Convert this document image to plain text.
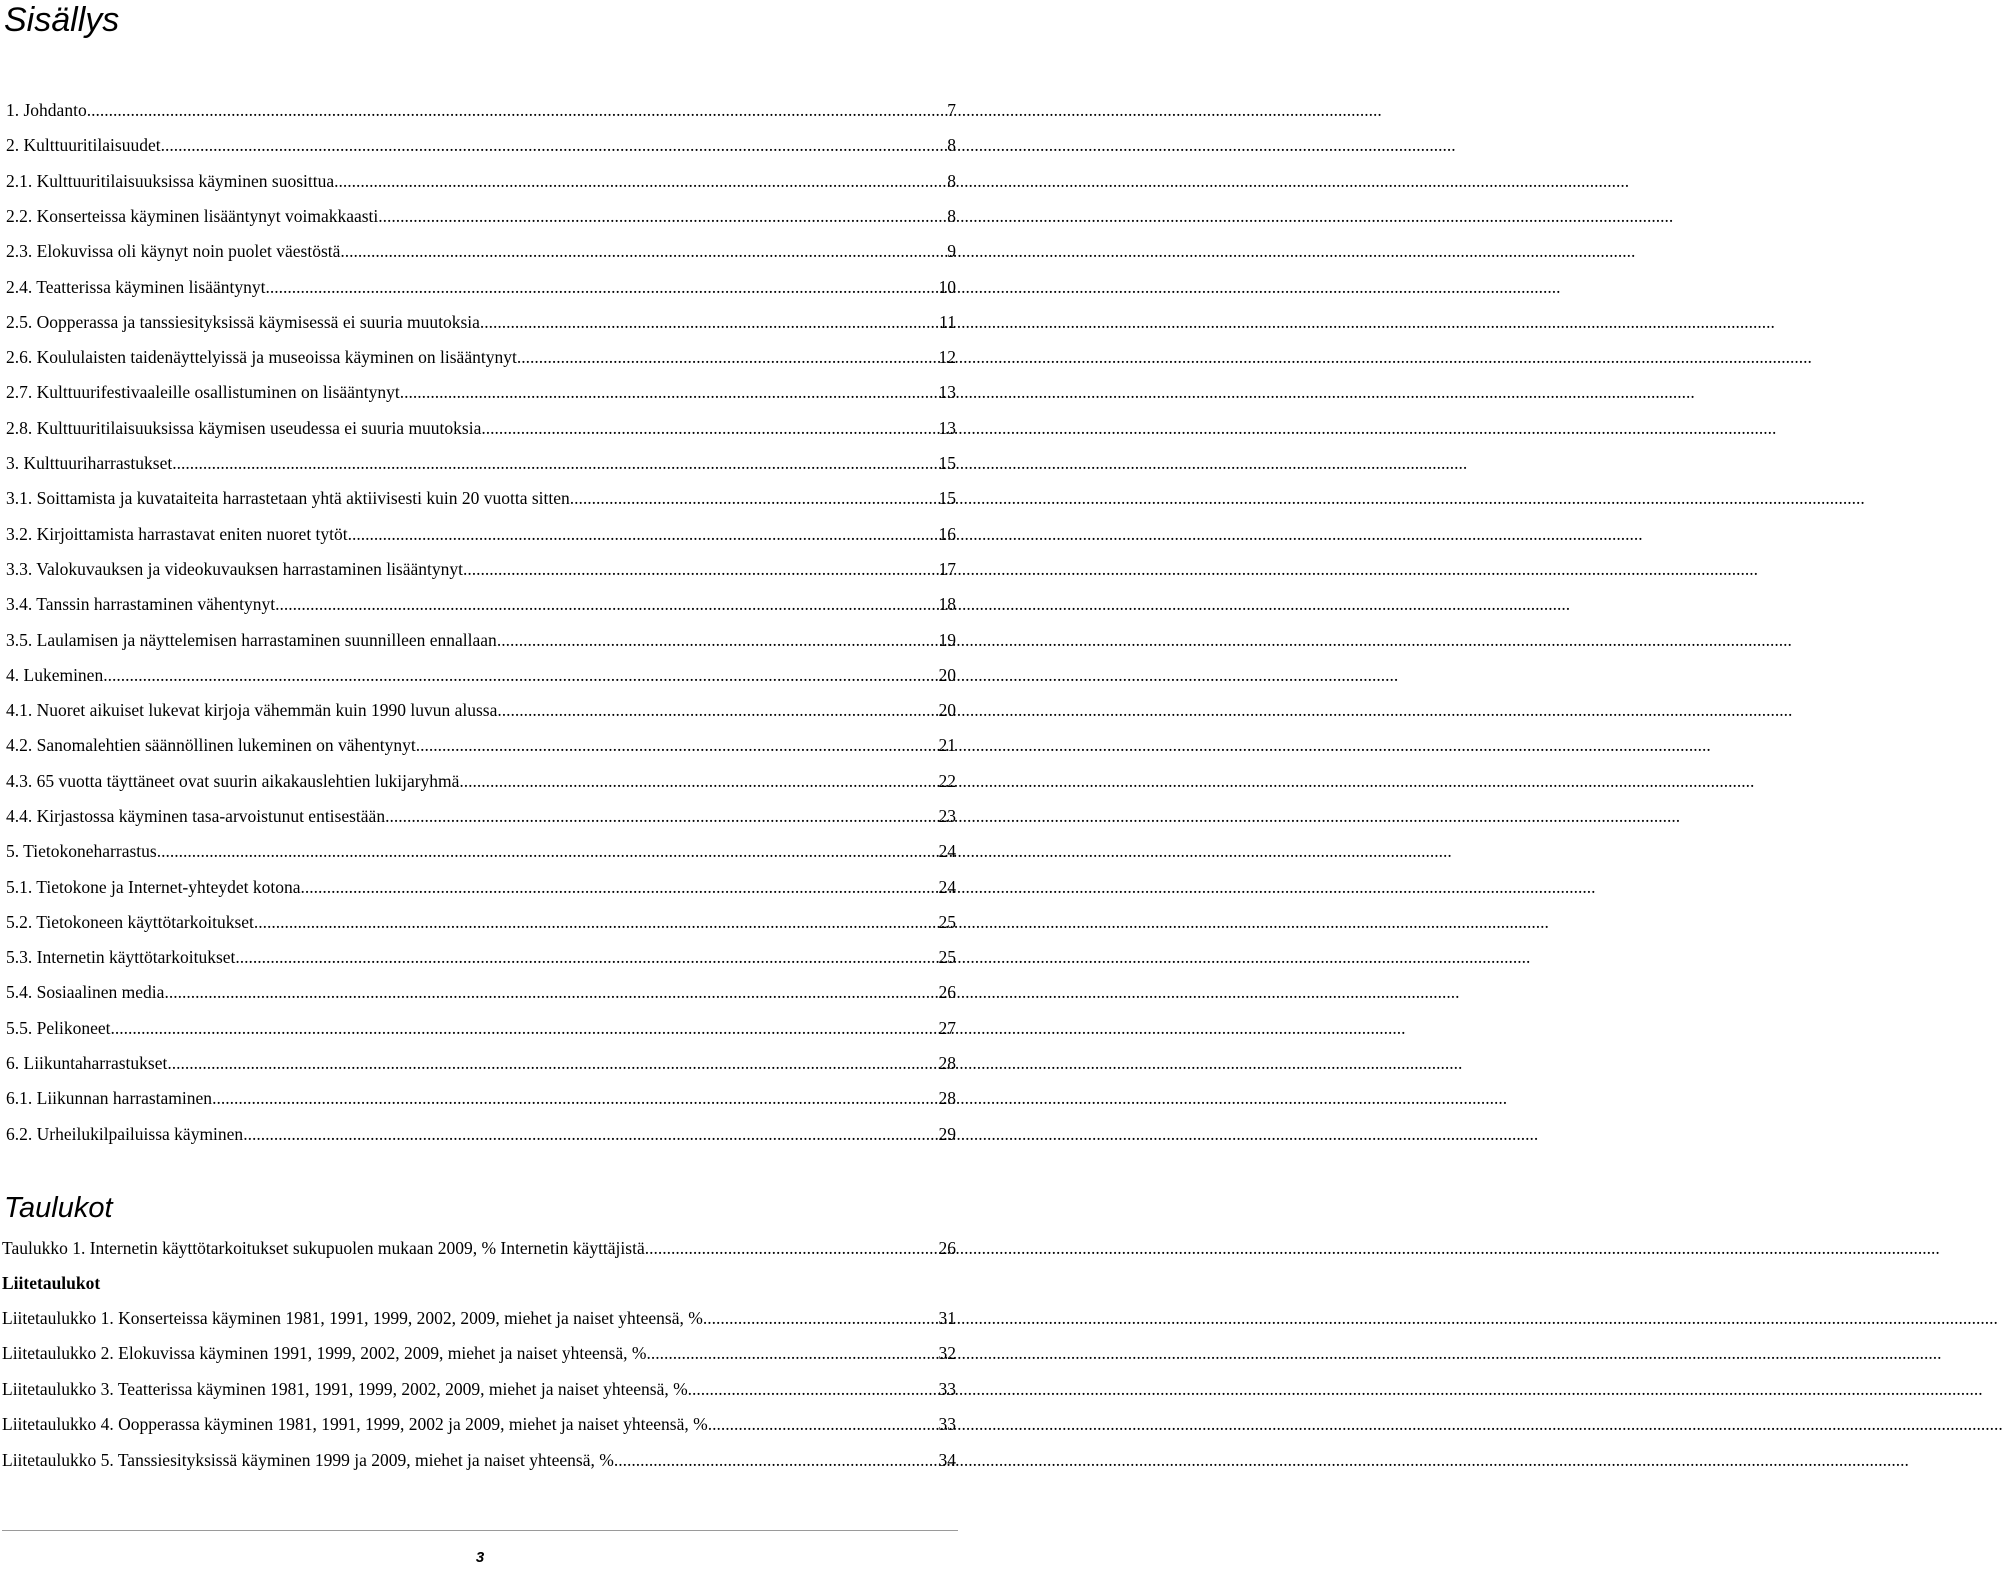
Sisällys
1. Johdanto .....	7
2. Kulttuuritilaisuudet .....	8
2.1. Kulttuuritilaisuuksissa käyminen suosittua .....	8
2.2. Konserteissa käyminen lisääntynyt voimakkaasti .....	8
2.3. Elokuvissa oli käynyt noin puolet väestöstä .....	9
2.4. Teatterissa käyminen lisääntynyt .....	10
2.5. Oopperassa ja tanssiesityksissä käymisessä ei suuria muutoksia .....	11
2.6. Koululaisten taidenäyttelyissä ja museoissa käyminen on lisääntynyt .....	12
2.7. Kulttuurifestivaaleille osallistuminen on lisääntynyt .....	13
2.8. Kulttuuritilaisuuksissa käymisen useudessa ei suuria muutoksia .....	13
3. Kulttuuriharrastukset .....	15
3.1. Soittamista ja kuvataiteita harrastetaan yhtä aktiivisesti kuin 20 vuotta sitten .....	15
3.2. Kirjoittamista harrastavat eniten nuoret tytöt .....	16
3.3. Valokuvauksen ja videokuvauksen harrastaminen lisääntynyt .....	17
3.4. Tanssin harrastaminen vähentynyt .....	18
3.5. Laulamisen ja näyttelemisen harrastaminen suunnilleen ennallaan .....	19
4. Lukeminen .....	20
4.1. Nuoret aikuiset lukevat kirjoja vähemmän kuin 1990 luvun alussa .....	20
4.2. Sanomalehtien säännöllinen lukeminen on vähentynyt .....	21
4.3. 65 vuotta täyttäneet ovat suurin aikakauslehtien lukijaryhmä .....	22
4.4. Kirjastossa käyminen tasa-arvoistunut entisestään .....	23
5. Tietokoneharrastus .....	24
5.1. Tietokone ja Internet-yhteydet kotona .....	24
5.2. Tietokoneen käyttötarkoitukset .....	25
5.3. Internetin käyttötarkoitukset .....	25
5.4. Sosiaalinen media .....	26
5.5. Pelikoneet .....	27
6. Liikuntaharrastukset .....	28
6.1. Liikunnan harrastaminen .....	28
6.2. Urheilukilpailuissa käyminen .....	29
Taulukot
Taulukko 1. Internetin käyttötarkoitukset sukupuolen mukaan 2009, % Internetin käyttäjistä .....	26
Liitetaulukot
Liitetaulukko 1. Konserteissa käyminen 1981, 1991, 1999, 2002, 2009, miehet ja naiset yhteensä, % .....	31
Liitetaulukko 2. Elokuvissa käyminen 1991, 1999, 2002, 2009, miehet ja naiset yhteensä, % .....	32
Liitetaulukko 3. Teatterissa käyminen 1981, 1991, 1999, 2002, 2009, miehet ja naiset yhteensä, % .....	33
Liitetaulukko 4. Oopperassa käyminen 1981, 1991, 1999, 2002 ja 2009, miehet ja naiset yhteensä, % .....	33
Liitetaulukko 5. Tanssiesityksissä käyminen 1999 ja 2009, miehet ja naiset yhteensä, % .....	34
3
